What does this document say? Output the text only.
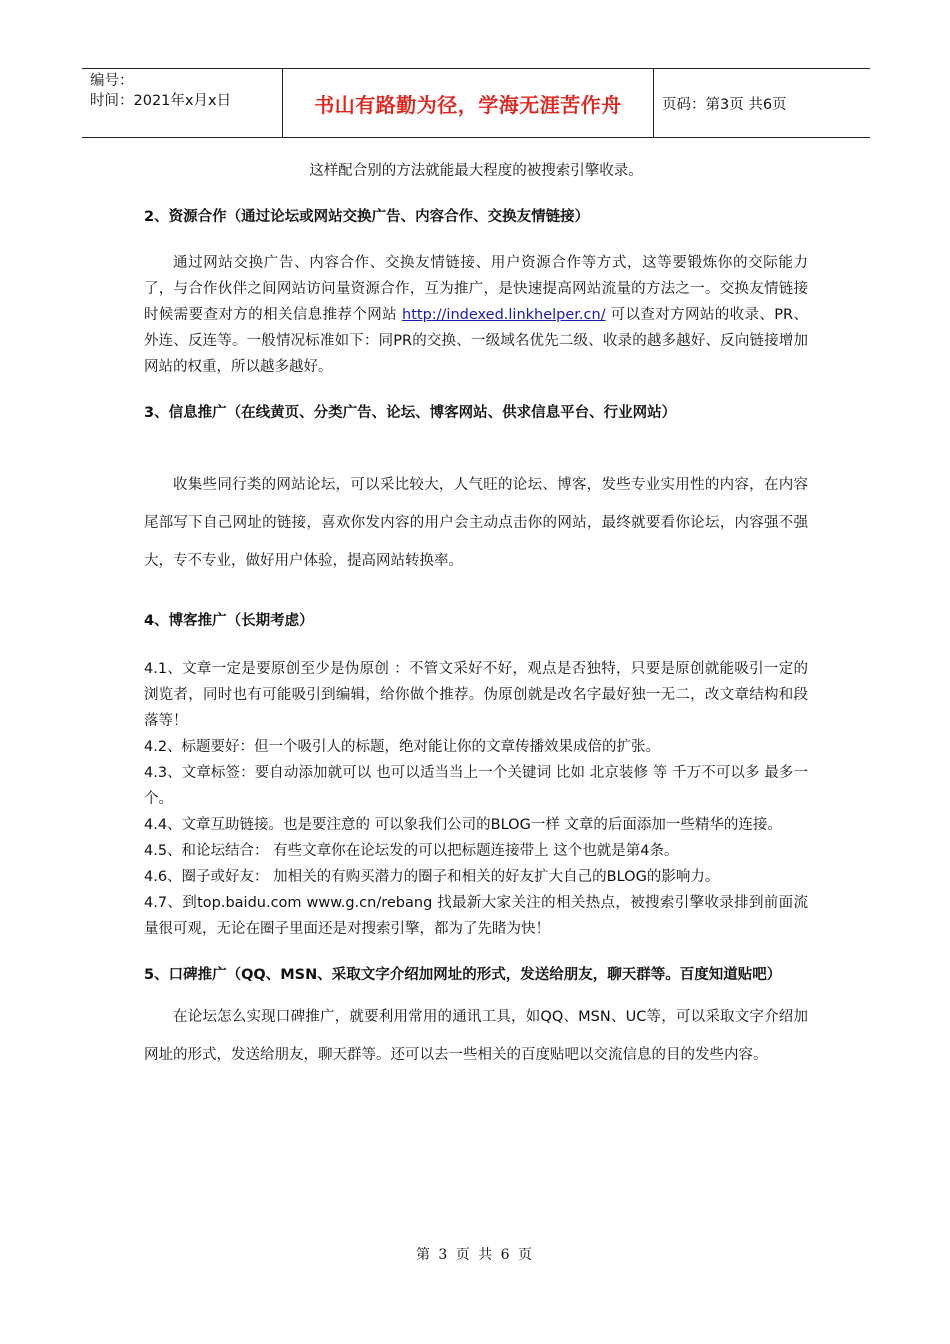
编号：
时间：2021年x月x日	书山有路勤为径，学海无涯苦作舟	页码：第3页 共6页
这样配合别的方法就能最大程度的被搜索引擎收录。
2、资源合作（通过论坛或网站交换广告、内容合作、交换友情链接）
通过网站交换广告、内容合作、交换友情链接、用户资源合作等方式，这等要锻炼你的交际能力了，与合作伙伴之间网站访问量资源合作，互为推广，是快速提高网站流量的方法之一。交换友情链接时候需要查对方的相关信息推荐个网站 http://indexed.linkhelper.cn/ 可以查对方网站的收录、PR、外连、反连等。一般情况标准如下：同PR的交换、一级域名优先二级、收录的越多越好、反向链接增加网站的权重，所以越多越好。
3、信息推广（在线黄页、分类广告、论坛、博客网站、供求信息平台、行业网站）
收集些同行类的网站论坛，可以采比较大，人气旺的论坛、博客，发些专业实用性的内容，在内容尾部写下自己网址的链接，喜欢你发内容的用户会主动点击你的网站，最终就要看你论坛，内容强不强大，专不专业，做好用户体验，提高网站转换率。
4、博客推广（长期考虑）
4.1、文章一定是要原创至少是伪原创 ：不管文采好不好，观点是否独特，只要是原创就能吸引一定的浏览者，同时也有可能吸引到编辑，给你做个推荐。伪原创就是改名字最好独一无二，改文章结构和段落等！
4.2、标题要好：但一个吸引人的标题，绝对能让你的文章传播效果成倍的扩张。
4.3、文章标签：要自动添加就可以 也可以适当当上一个关键词 比如 北京装修 等 千万不可以多 最多一个。
4.4、文章互助链接。也是要注意的 可以象我们公司的BLOG一样 文章的后面添加一些精华的连接。
4.5、和论坛结合： 有些文章你在论坛发的可以把标题连接带上 这个也就是第4条。
4.6、圈子或好友： 加相关的有购买潜力的圈子和相关的好友扩大自己的BLOG的影响力。
4.7、到top.baidu.com www.g.cn/rebang 找最新大家关注的相关热点，被搜索引擎收录排到前面流量很可观，无论在圈子里面还是对搜索引擎，都为了先睹为快！
5、口碑推广（QQ、MSN、采取文字介绍加网址的形式，发送给朋友，聊天群等。百度知道贴吧）
在论坛怎么实现口碑推广，就要利用常用的通讯工具，如QQ、MSN、UC等，可以采取文字介绍加网址的形式，发送给朋友，聊天群等。还可以去一些相关的百度贴吧以交流信息的目的发些内容。
第 3 页 共 6 页
